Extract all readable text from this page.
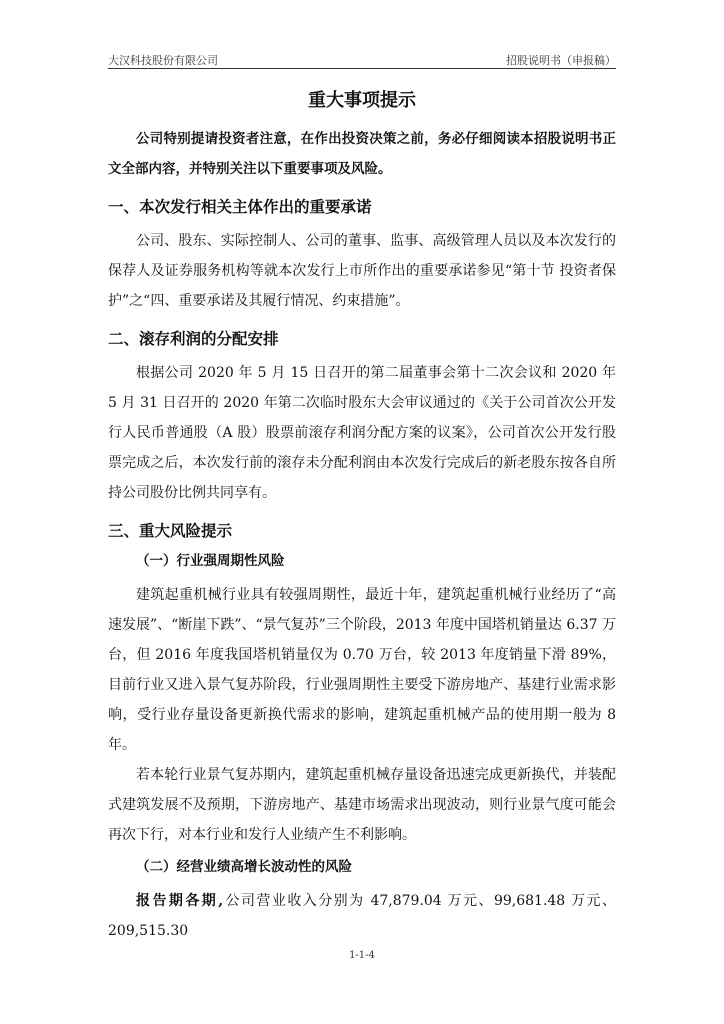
大汉科技股份有限公司	招股说明书（申报稿）
重大事项提示

公司特别提请投资者注意，在作出投资决策之前，务必仔细阅读本招股说明书正文全部内容，并特别关注以下重要事项及风险。

一、本次发行相关主体作出的重要承诺

公司、股东、实际控制人、公司的董事、监事、高级管理人员以及本次发行的保荐人及证券服务机构等就本次发行上市所作出的重要承诺参见“第十节 投资者保护”之“四、重要承诺及其履行情况、约束措施”。

二、滚存利润的分配安排

根据公司 2020 年 5 月 15 日召开的第二届董事会第十二次会议和 2020 年 5 月 31 日召开的 2020 年第二次临时股东大会审议通过的《关于公司首次公开发行人民币普通股（A 股）股票前滚存利润分配方案的议案》，公司首次公开发行股票完成之后，本次发行前的滚存未分配利润由本次发行完成后的新老股东按各自所持公司股份比例共同享有。

三、重大风险提示
（一）行业强周期性风险

建筑起重机械行业具有较强周期性，最近十年，建筑起重机械行业经历了“高速发展”、“断崖下跌”、“景气复苏”三个阶段，2013 年度中国塔机销量达 6.37 万台，但 2016 年度我国塔机销量仅为 0.70 万台，较 2013 年度销量下滑 89%，目前行业又进入景气复苏阶段，行业强周期性主要受下游房地产、基建行业需求影响，受行业存量设备更新换代需求的影响，建筑起重机械产品的使用期一般为 8 年。

若本轮行业景气复苏期内，建筑起重机械存量设备迅速完成更新换代，并装配式建筑发展不及预期，下游房地产、基建市场需求出现波动，则行业景气度可能会再次下行，对本行业和发行人业绩产生不利影响。

（二）经营业绩高增长波动性的风险

报告期各期,公司营业收入分别为 47,879.04 万元、99,681.48 万元、209,515.30

1-1-4
